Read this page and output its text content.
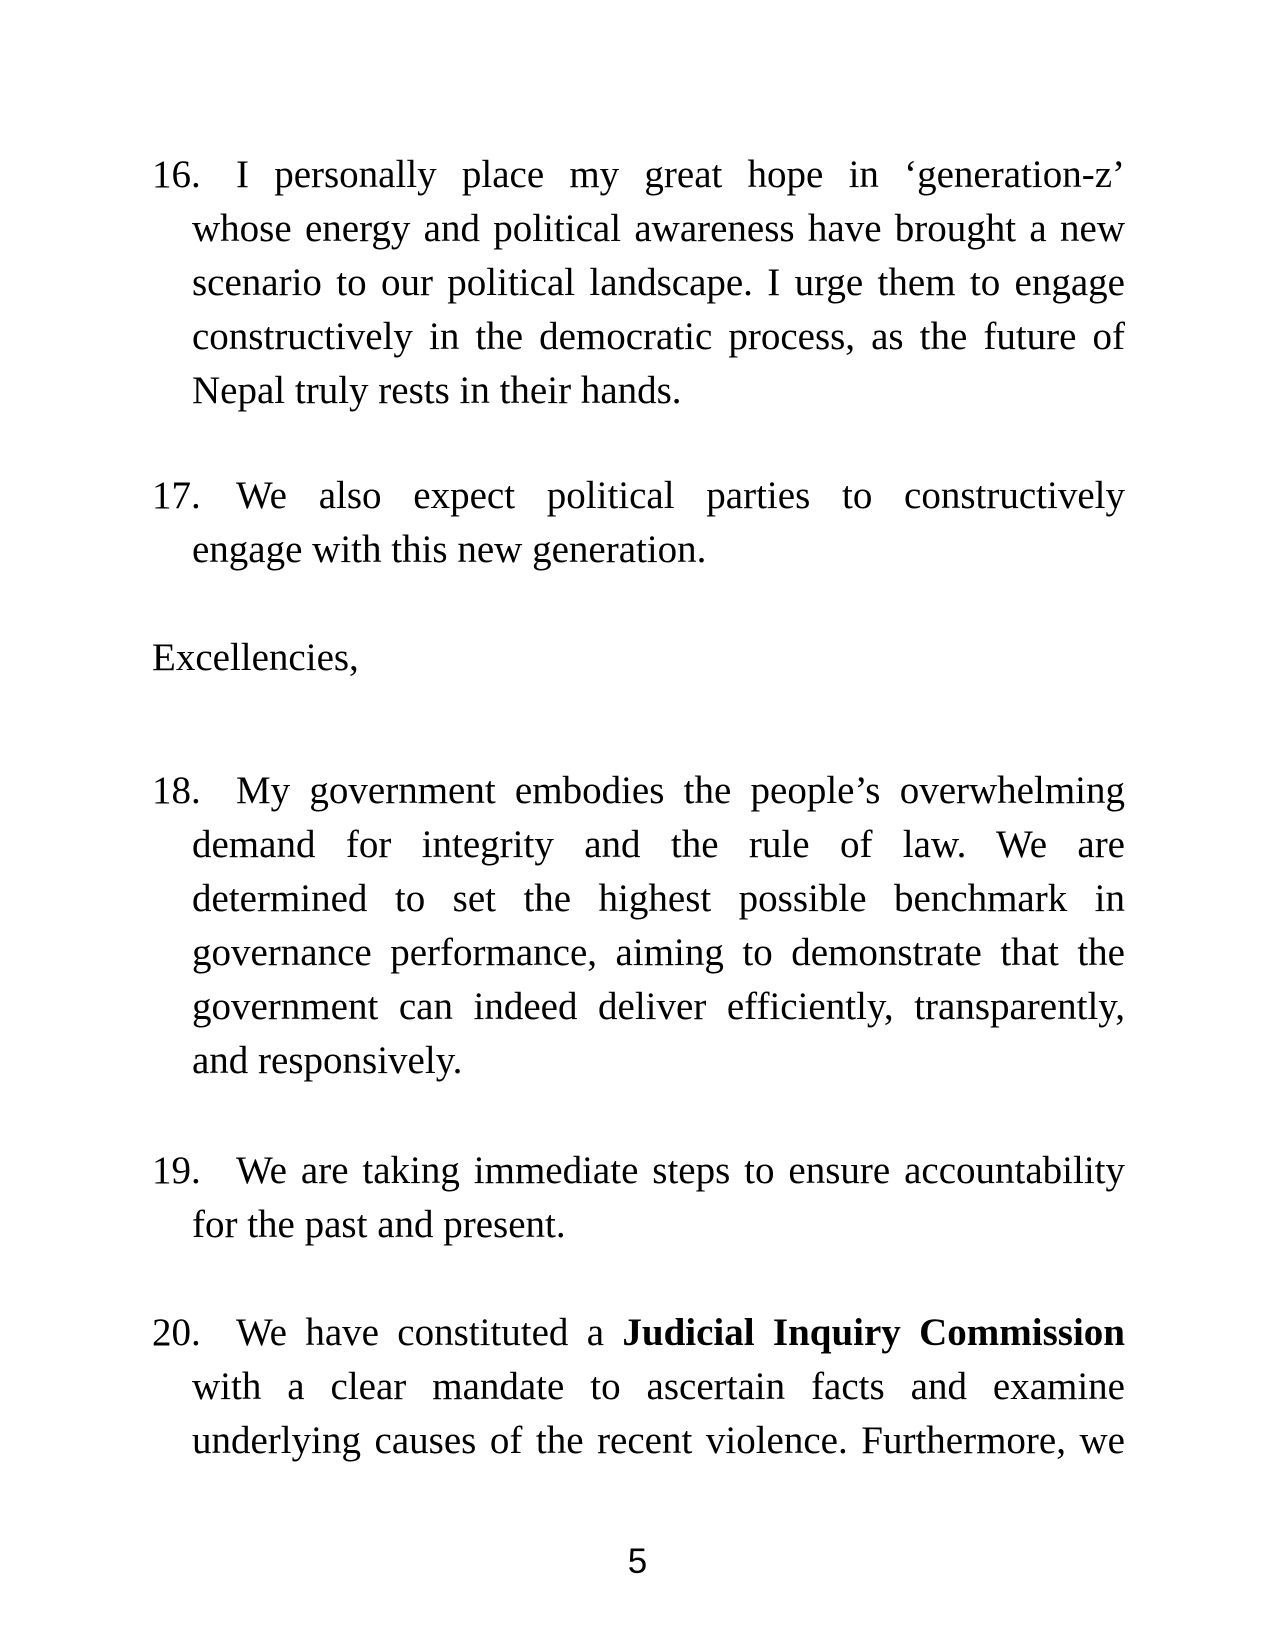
16. I personally place my great hope in ‘generation-z’
whose energy and political awareness have brought a new
scenario to our political landscape. I urge them to engage
constructively in the democratic process, as the future of
Nepal truly rests in their hands.
17. We also expect political parties to constructively
engage with this new generation.
Excellencies,
18. My government embodies the people’s overwhelming
demand for integrity and the rule of law. We are
determined to set the highest possible benchmark in
governance performance, aiming to demonstrate that the
government can indeed deliver efficiently, transparently,
and responsively.
19. We are taking immediate steps to ensure accountability
for the past and present.
20. We have constituted a Judicial Inquiry Commission
with a clear mandate to ascertain facts and examine
underlying causes of the recent violence. Furthermore, we
5
